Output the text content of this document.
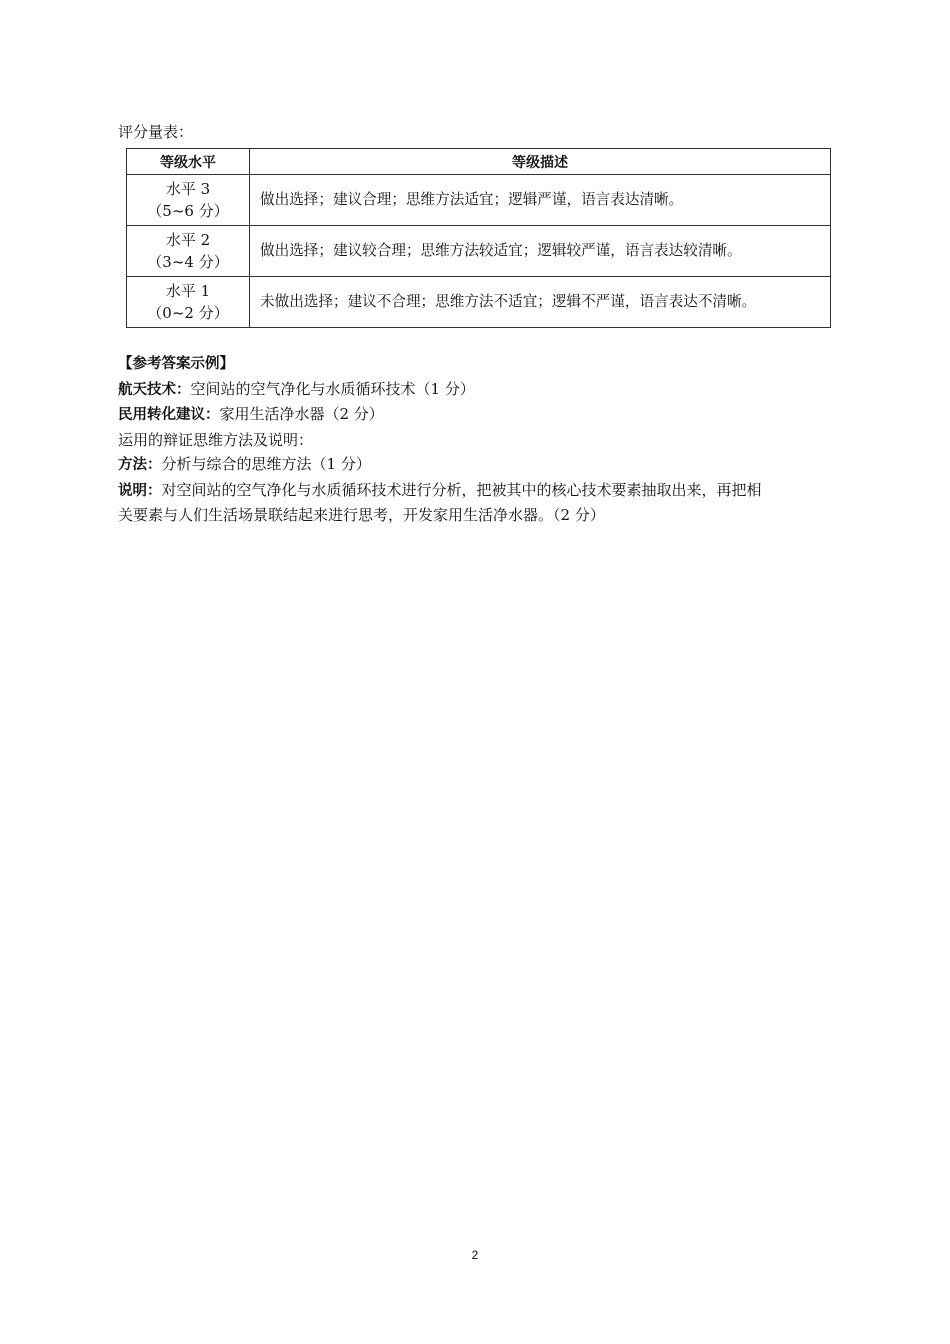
评分量表：
等级水平	等级描述

水平 3
（5~6 分）	做出选择；建议合理；思维方法适宜；逻辑严谨，语言表达清晰。

水平 2
（3~4 分）	做出选择；建议较合理；思维方法较适宜；逻辑较严谨，语言表达较清晰。

水平 1
（0~2 分）	未做出选择；建议不合理；思维方法不适宜；逻辑不严谨，语言表达不清晰。

【参考答案示例】

航天技术：空间站的空气净化与水质循环技术（1 分）

民用转化建议：家用生活净水器（2 分）

运用的辩证思维方法及说明：

方法：分析与综合的思维方法（1 分）

说明：对空间站的空气净化与水质循环技术进行分析，把被其中的核心技术要素抽取出来，再把相

关要素与人们生活场景联结起来进行思考，开发家用生活净水器。（2 分）

2
